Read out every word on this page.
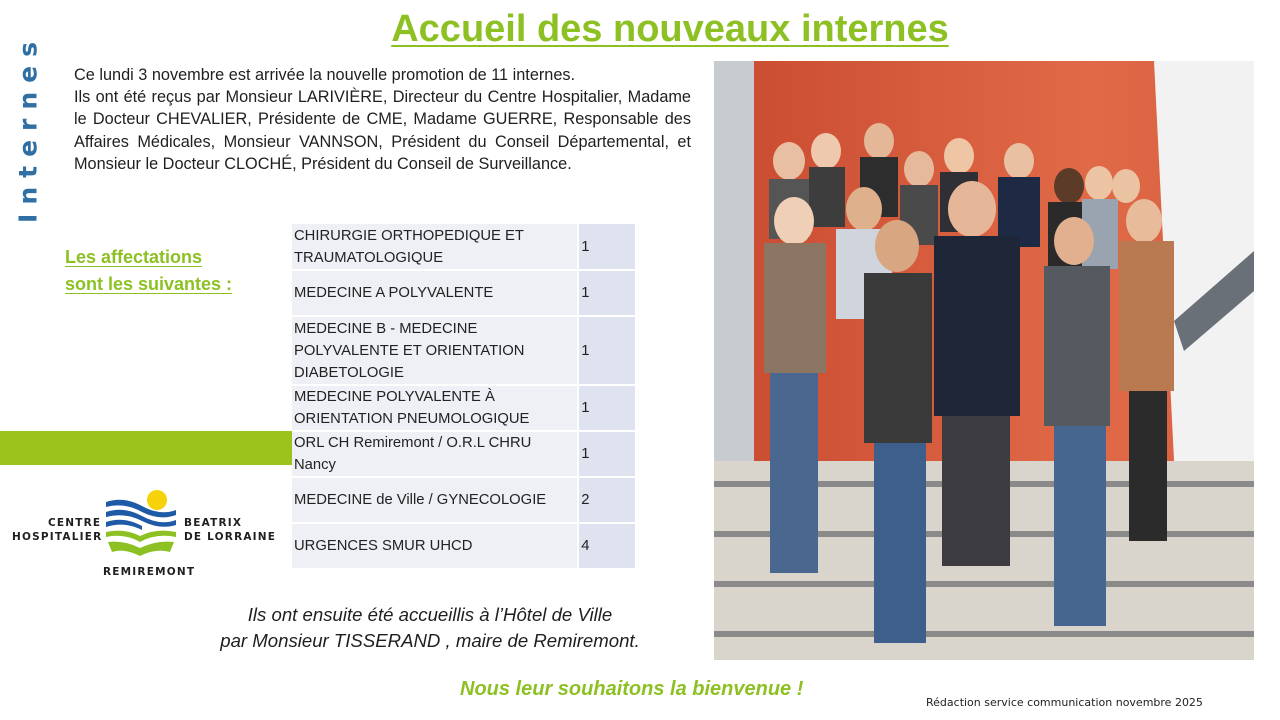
Internes
Accueil des nouveaux internes

Ce lundi 3 novembre est arrivée la nouvelle promotion de 11 internes.

Ils ont été reçus par Monsieur LARIVIÈRE, Directeur du Centre Hospitalier, Madame le Docteur CHEVALIER, Présidente de CME, Madame GUERRE, Responsable des Affaires Médicales, Monsieur VANNSON, Président du Conseil Départemental, et Monsieur le Docteur CLOCHÉ, Président du Conseil de Surveillance.

Les affectations
sont les suivantes :
CENTRE
HOSPITALIER
BEATRIX
DE LORRAINE
REMIREMONT
CHIRURGIE ORTHOPEDIQUE ET TRAUMATOLOGIQUE	1
MEDECINE A POLYVALENTE	1
MEDECINE B - MEDECINE POLYVALENTE ET ORIENTATION DIABETOLOGIE	1
MEDECINE POLYVALENTE À ORIENTATION PNEUMOLOGIQUE	1
ORL CH Remiremont / O.R.L CHRU Nancy	1
MEDECINE de Ville / GYNECOLOGIE	2
URGENCES SMUR UHCD	4
Ils ont ensuite été accueillis à l’Hôtel de Ville
par Monsieur TISSERAND , maire de Remiremont.
Nous leur souhaitons la bienvenue !
Rédaction service communication novembre 2025
